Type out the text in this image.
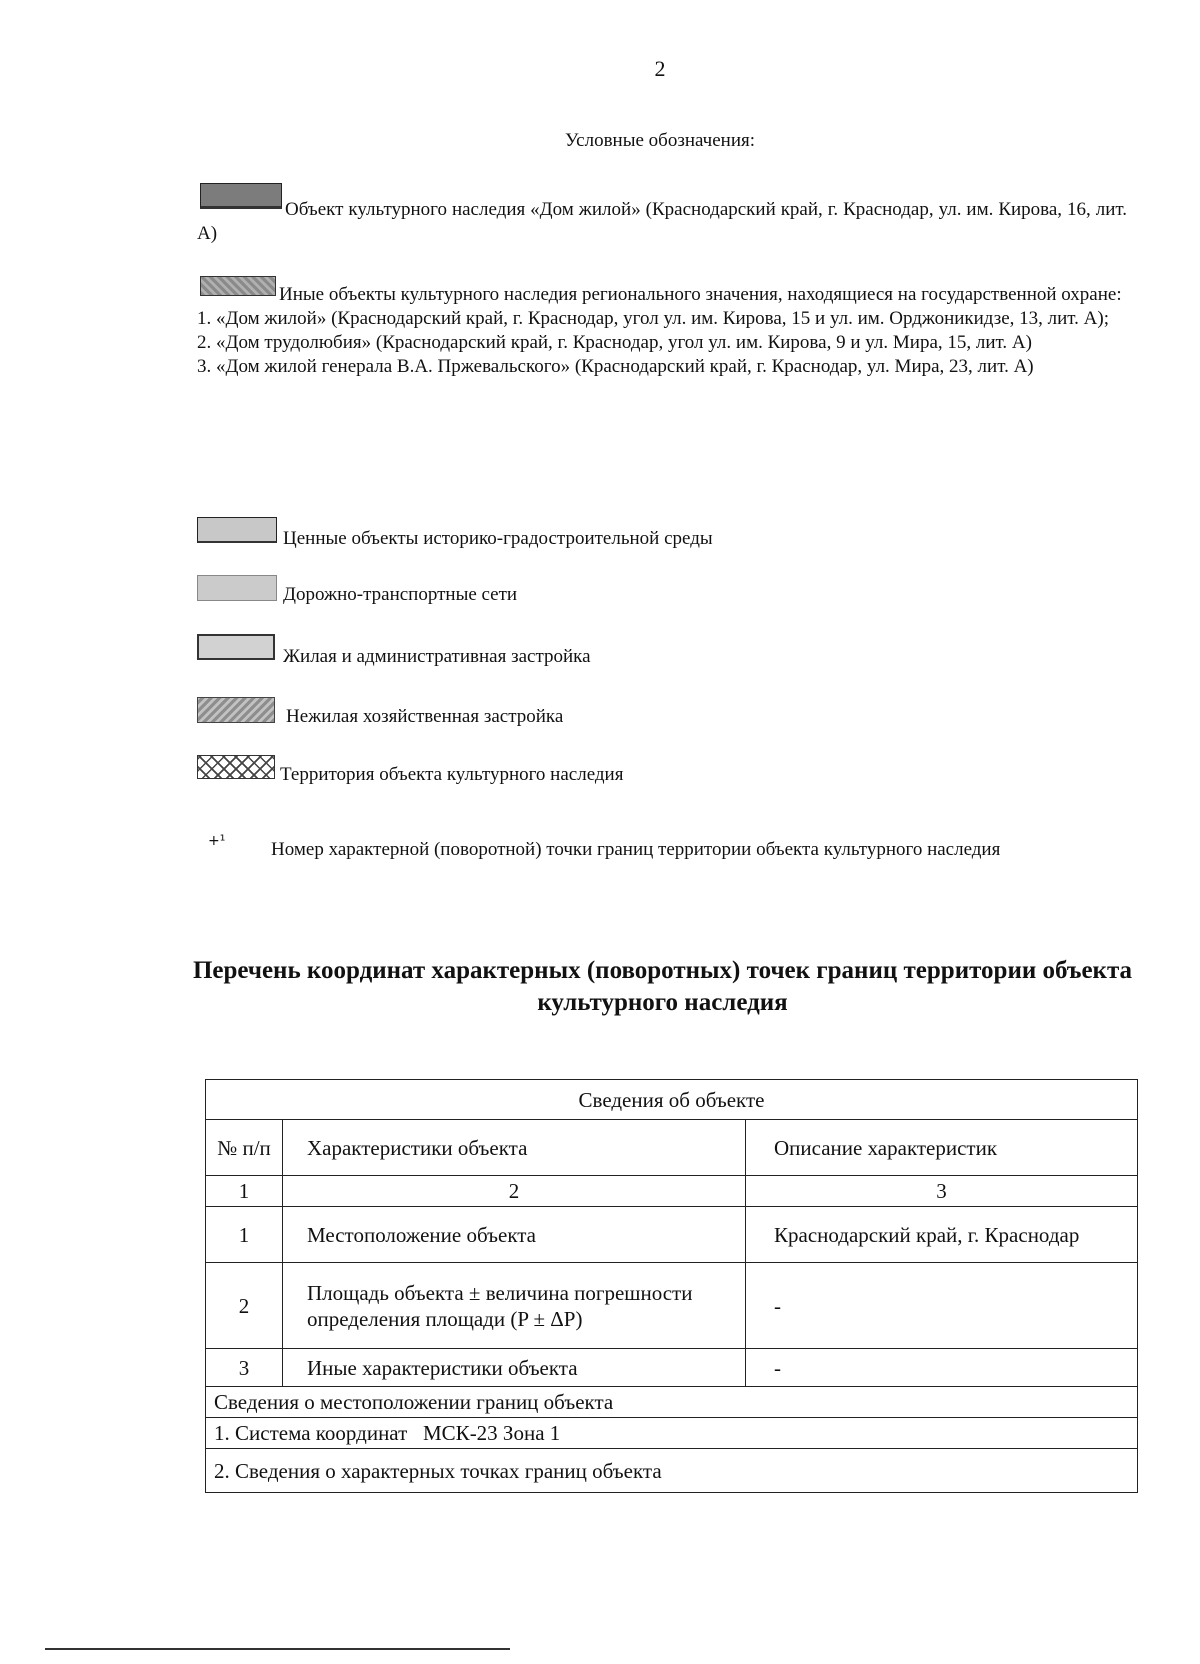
2
Условные обозначения:
Объект культурного наследия «Дом жилой» (Краснодарский край, г. Краснодар, ул. им. Кирова, 16, лит. А)
Иные объекты культурного наследия регионального значения, находящиеся на государственной охране:
1. «Дом жилой» (Краснодарский край, г. Краснодар, угол ул. им. Кирова, 15 и ул. им. Орджоникидзе, 13, лит. А);
2. «Дом трудолюбия» (Краснодарский край, г. Краснодар, угол ул. им. Кирова, 9 и ул. Мира, 15, лит. А)
3. «Дом жилой генерала В.А. Пржевальского» (Краснодарский край, г. Краснодар, ул. Мира, 23, лит. А)
Ценные объекты историко-градостроительной среды
Дорожно-транспортные сети
Жилая и административная застройка
Нежилая хозяйственная застройка
Территория объекта культурного наследия
+¹ Номер характерной (поворотной) точки границ территории объекта культурного наследия
Перечень координат характерных (поворотных) точек границ территории объекта культурного наследия
Сведения об объекте		
№ п/п	Характеристики объекта	Описание характеристик
1	2	3
1	Местоположение объекта	Краснодарский край, г. Краснодар
2	Площадь объекта ± величина погрешности определения площади (P ± ΔP)	-
3	Иные характеристики объекта	-
Сведения о местоположении границ объекта		
1. Система координат   МСК-23 Зона 1		
2. Сведения о характерных точках границ объекта		
